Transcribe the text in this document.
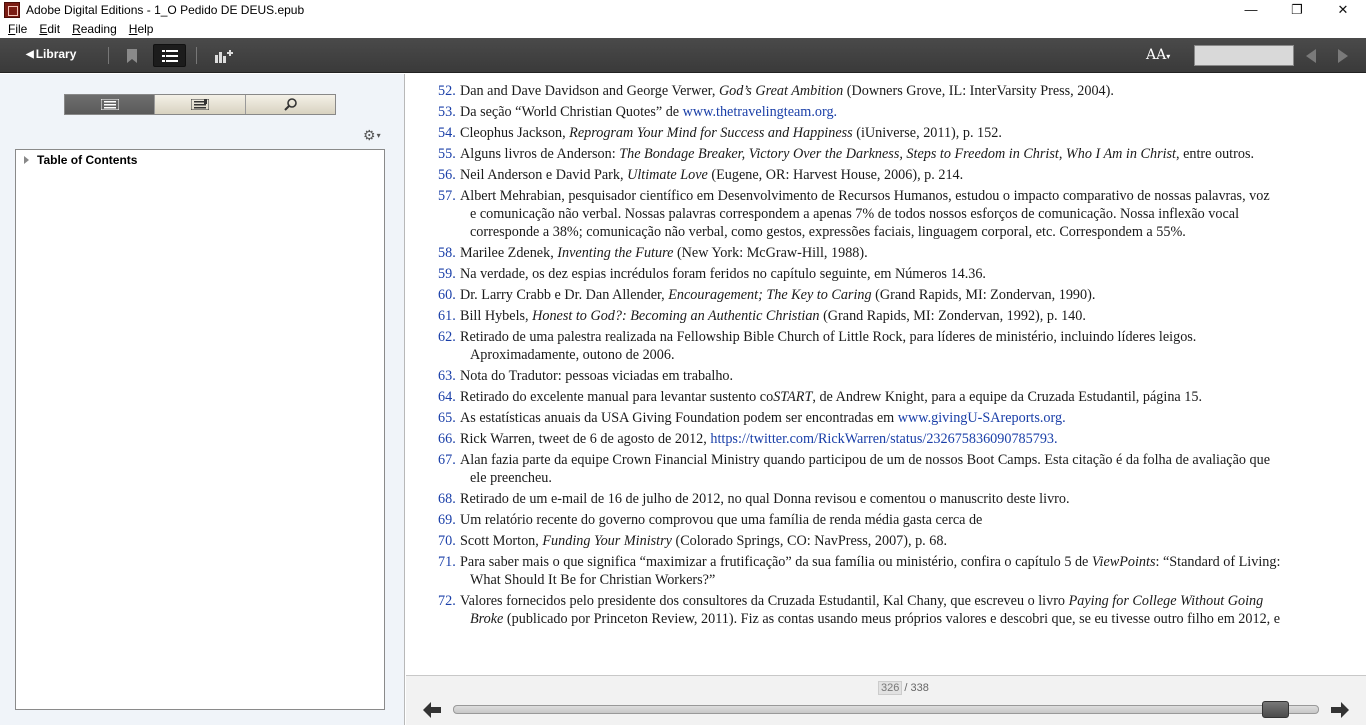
Adobe Digital Editions - 1_O Pedido DE DEUS.epub	—	❐	✕
File	Edit	Reading	Help
◀ Library	AA▾
⚙ ▾
Table of Contents
52. Dan and Dave Davidson and George Verwer, God’s Great Ambition (Downers Grove, IL: InterVarsity Press, 2004).
53. Da seção “World Christian Quotes” de www.thetravelingteam.org.
54. Cleophus Jackson, Reprogram Your Mind for Success and Happiness (iUniverse, 2011), p. 152.
55. Alguns livros de Anderson: The Bondage Breaker, Victory Over the Darkness, Steps to Freedom in Christ, Who I Am in Christ, entre outros.
56. Neil Anderson e David Park, Ultimate Love (Eugene, OR: Harvest House, 2006), p. 214.
57. Albert Mehrabian, pesquisador científico em Desenvolvimento de Recursos Humanos, estudou o impacto comparativo de nossas palavras, voz
e comunicação não verbal. Nossas palavras correspondem a apenas 7% de todos nossos esforços de comunicação. Nossa inflexão vocal
corresponde a 38%; comunicação não verbal, como gestos, expressões faciais, linguagem corporal, etc. Correspondem a 55%.
58. Marilee Zdenek, Inventing the Future (New York: McGraw-Hill, 1988).
59. Na verdade, os dez espias incrédulos foram feridos no capítulo seguinte, em Números 14.36.
60. Dr. Larry Crabb e Dr. Dan Allender, Encouragement; The Key to Caring (Grand Rapids, MI: Zondervan, 1990).
61. Bill Hybels, Honest to God?: Becoming an Authentic Christian (Grand Rapids, MI: Zondervan, 1992), p. 140.
62. Retirado de uma palestra realizada na Fellowship Bible Church of Little Rock, para líderes de ministério, incluindo líderes leigos.
Aproximadamente, outono de 2006.
63. Nota do Tradutor: pessoas viciadas em trabalho.
64. Retirado do excelente manual para levantar sustento coSTART, de Andrew Knight, para a equipe da Cruzada Estudantil, página 15.
65. As estatísticas anuais da USA Giving Foundation podem ser encontradas em www.givingU-SAreports.org.
66. Rick Warren, tweet de 6 de agosto de 2012, https://twitter.com/RickWarren/status/232675836090785793.
67. Alan fazia parte da equipe Crown Financial Ministry quando participou de um de nossos Boot Camps. Esta citação é da folha de avaliação que
ele preencheu.
68. Retirado de um e-mail de 16 de julho de 2012, no qual Donna revisou e comentou o manuscrito deste livro.
69. Um relatório recente do governo comprovou que uma família de renda média gasta cerca de
70. Scott Morton, Funding Your Ministry (Colorado Springs, CO: NavPress, 2007), p. 68.
71. Para saber mais o que significa “maximizar a frutificação” da sua família ou ministério, confira o capítulo 5 de ViewPoints: “Standard of Living:
What Should It Be for Christian Workers?”
72. Valores fornecidos pelo presidente dos consultores da Cruzada Estudantil, Kal Chany, que escreveu o livro Paying for College Without Going
Broke (publicado por Princeton Review, 2011). Fiz as contas usando meus próprios valores e descobri que, se eu tivesse outro filho em 2012, e
326 / 338
